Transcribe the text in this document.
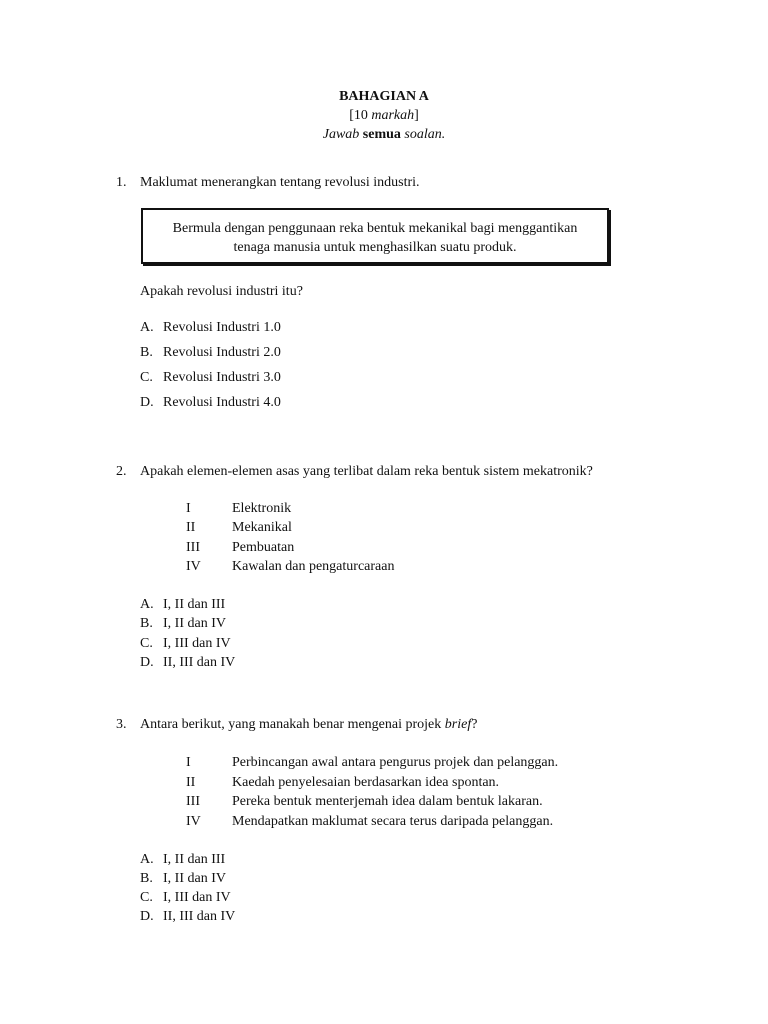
BAHAGIAN A
[10 markah]
Jawab semua soalan.
1. Maklumat menerangkan tentang revolusi industri.
Bermula dengan penggunaan reka bentuk mekanikal bagi menggantikan
tenaga manusia untuk menghasilkan suatu produk.
Apakah revolusi industri itu?
A. Revolusi Industri 1.0
B. Revolusi Industri 2.0
C. Revolusi Industri 3.0
D. Revolusi Industri 4.0
2. Apakah elemen-elemen asas yang terlibat dalam reka bentuk sistem mekatronik?
I	Elektronik
II	Mekanikal
III Pembuatan
IV Kawalan dan pengaturcaraan
A. I, II dan III
B. I, II dan IV
C. I, III dan IV
D. II, III dan IV
3. Antara berikut, yang manakah benar mengenai projek brief?
I	Perbincangan awal antara pengurus projek dan pelanggan.
II	Kaedah penyelesaian berdasarkan idea spontan.
III Pereka bentuk menterjemah idea dalam bentuk lakaran.
IV Mendapatkan maklumat secara terus daripada pelanggan.
A. I, II dan III
B. I, II dan IV
C. I, III dan IV
D. II, III dan IV
